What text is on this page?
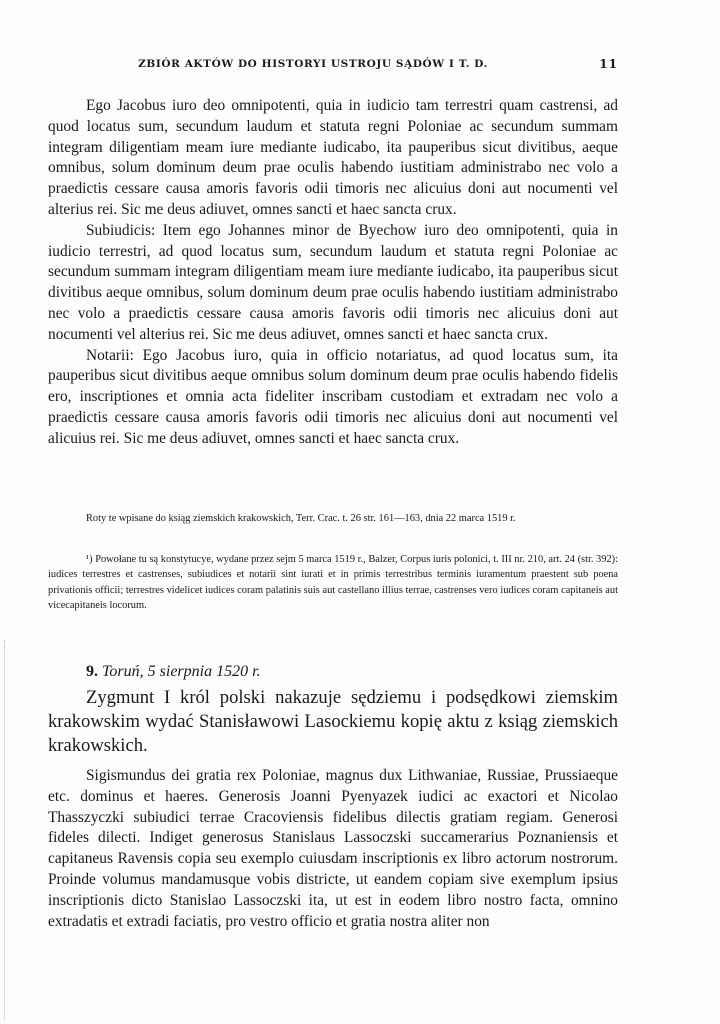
ZBIÓR AKTÓW DO HISTORYI USTROJU SĄDÓW I T. D.	11

Ego Jacobus iuro deo omnipotenti, quia in iudicio tam terrestri quam castrensi, ad quod locatus sum, secundum laudum et statuta regni Poloniae ac secundum summam integram diligentiam meam iure mediante iudicabo, ita pauperibus sicut divitibus, aeque omnibus, solum dominum deum prae oculis habendo iustitiam administrabo nec volo a praedictis cessare causa amoris favoris odii timoris nec alicuius doni aut nocumenti vel alterius rei. Sic me deus adiuvet, omnes sancti et haec sancta crux.

Subiudicis: Item ego Johannes minor de Byechow iuro deo omnipotenti, quia in iudicio terrestri, ad quod locatus sum, secundum laudum et statuta regni Poloniae ac secundum summam integram diligentiam meam iure mediante iudicabo, ita pauperibus sicut divitibus aeque omnibus, solum dominum deum prae oculis habendo iustitiam administrabo nec volo a praedictis cessare causa amoris favoris odii timoris nec alicuius doni aut nocumenti vel alterius rei. Sic me deus adiuvet, omnes sancti et haec sancta crux.

Notarii: Ego Jacobus iuro, quia in officio notariatus, ad quod locatus sum, ita pauperibus sicut divitibus aeque omnibus solum dominum deum prae oculis habendo fidelis ero, inscriptiones et omnia acta fideliter inscribam custodiam et extradam nec volo a praedictis cessare causa amoris favoris odii timoris nec alicuius doni aut nocumenti vel alicuius rei. Sic me deus adiuvet, omnes sancti et haec sancta crux.

Roty te wpisane do ksiąg ziemskich krakowskich, Terr. Crac. t. 26 str. 161—163, dnia 22 marca 1519 r.

¹) Powołane tu są konstytucye, wydane przez sejm 5 marca 1519 r., Balzer, Corpus iuris polonici, t. III nr. 210, art. 24 (str. 392): iudices terrestres et castrenses, subiudices et notarii sint iurati et in primis terrestribus terminis iuramentum praestent sub poena privationis officii; terrestres videlicet iudices coram palatinis suis aut castellano illius terrae, castrenses vero iudices coram capitaneis aut vicecapitaneis locorum.

9. Toruń, 5 sierpnia 1520 r.

Zygmunt I król polski nakazuje sędziemu i podsędkowi ziemskim krakowskim wydać Stanisławowi Lasockiemu kopię aktu z ksiąg ziemskich krakowskich.

Sigismundus dei gratia rex Poloniae, magnus dux Lithwaniae, Russiae, Prussiaeque etc. dominus et haeres. Generosis Joanni Pyenyazek iudici ac exactori et Nicolao Thasszyczki subiudici terrae Cracoviensis fidelibus dilectis gratiam regiam. Generosi fideles dilecti. Indiget generosus Stanislaus Lassoczski succamerarius Poznaniensis et capitaneus Ravensis copia seu exemplo cuiusdam inscriptionis ex libro actorum nostrorum. Proinde volumus mandamusque vobis districte, ut eandem copiam sive exemplum ipsius inscriptionis dicto Stanislao Lassoczski ita, ut est in eodem libro nostro facta, omnino extradatis et extradi faciatis, pro vestro officio et gratia nostra aliter non
